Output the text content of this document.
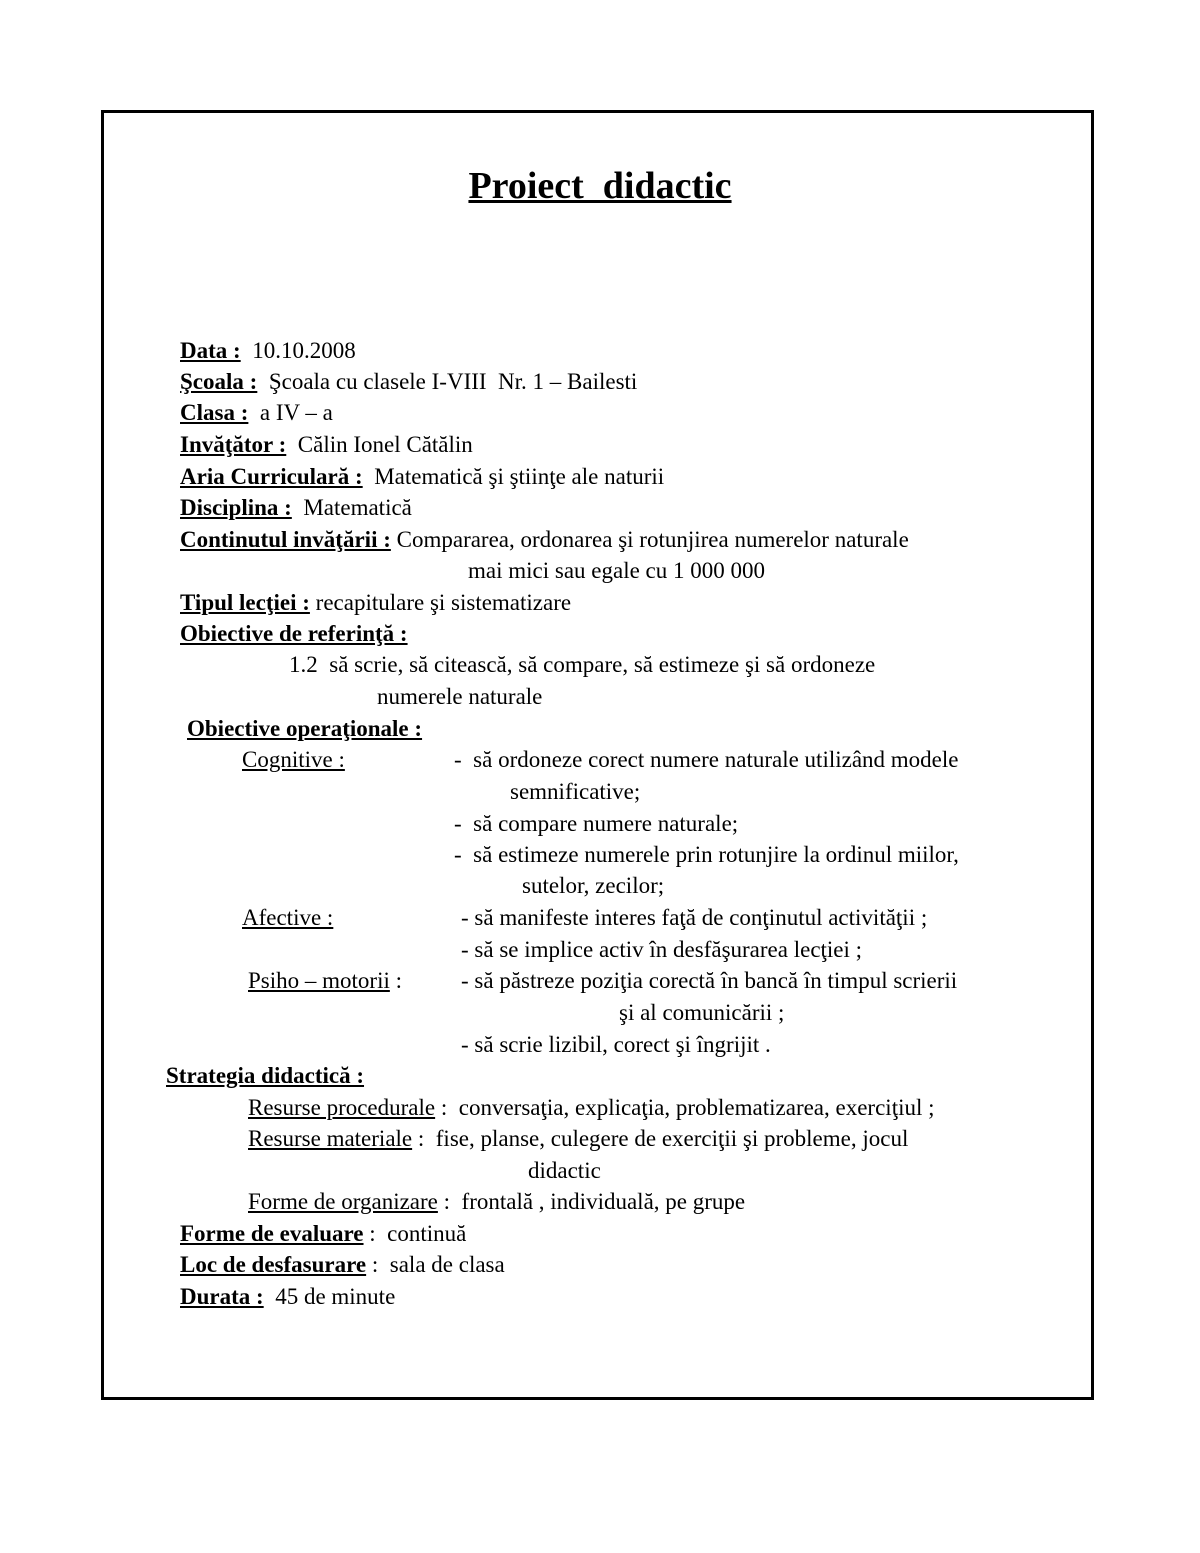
Proiect  didactic
Data : 10.10.2008
Şcoala : Şcoala cu clasele I-VIII  Nr. 1 – Bailesti
Clasa : a IV – a
Invăţător : Călin Ionel Cătălin
Aria Curriculară : Matematică şi ştiinţe ale naturii
Disciplina : Matematică
Continutul invăţării : Compararea, ordonarea şi rotunjirea numerelor naturale
mai mici sau egale cu 1 000 000
Tipul lecţiei : recapitulare şi sistematizare
Obiective de referinţă :
1.2  să scrie, să citească, să compare, să estimeze şi să ordoneze
numerele naturale
Obiective operaţionale :
Cognitive :	-  să ordoneze corect numere naturale utilizând modele
semnificative;
-  să compare numere naturale;
-  să estimeze numerele prin rotunjire la ordinul miilor,
sutelor, zecilor;
Afective :	- să manifeste interes faţă de conţinutul activităţii ;
- să se implice activ în desfăşurarea lecţiei ;
Psiho – motorii :	- să păstreze poziţia corectă în bancă în timpul scrierii
şi al comunicării ;
- să scrie lizibil, corect şi îngrijit .
Strategia didactică :
Resurse procedurale :  conversaţia, explicaţia, problematizarea, exerciţiul ;
Resurse materiale :  fise, planse, culegere de exerciţii şi probleme, jocul
didactic
Forme de organizare :  frontală , individuală, pe grupe
Forme de evaluare :  continuă
Loc de desfasurare :  sala de clasa
Durata : 45 de minute
